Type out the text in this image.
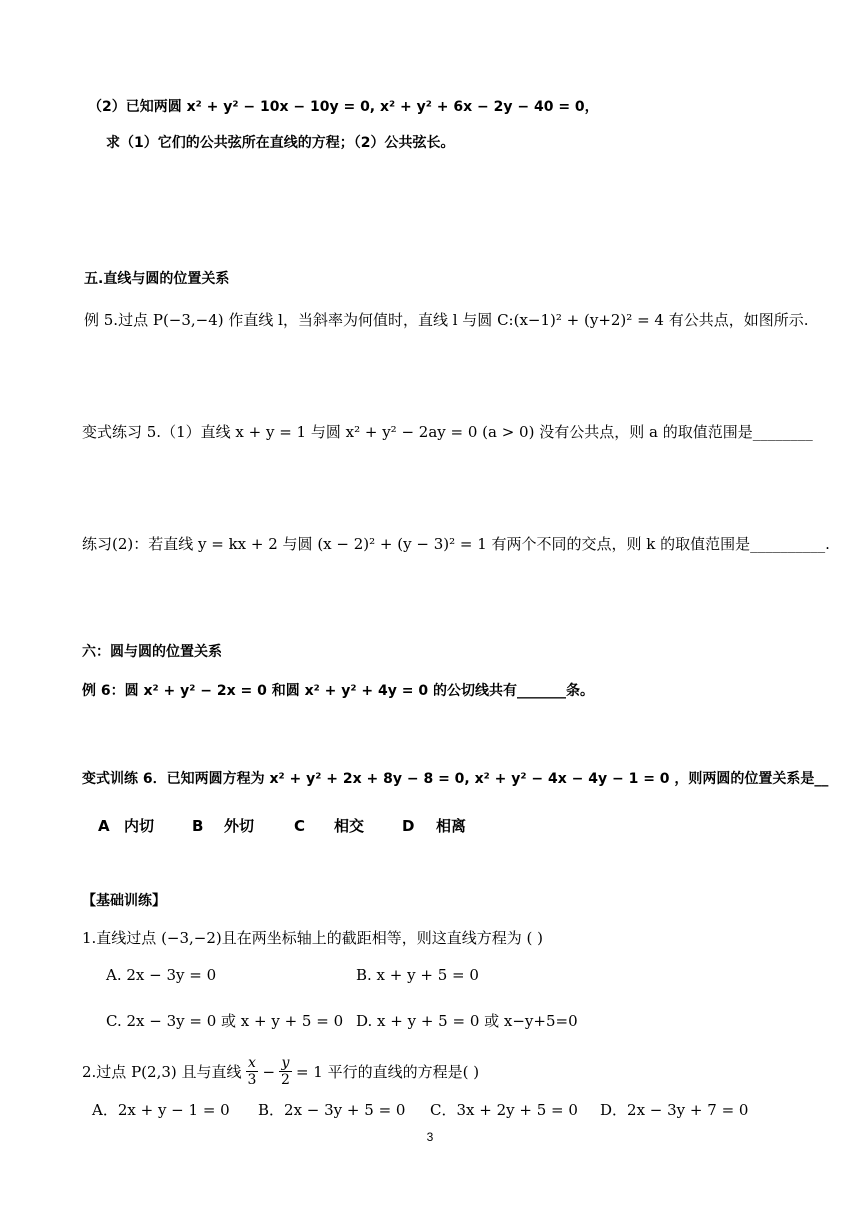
（2）已知两圆 x² + y² − 10x − 10y = 0, x² + y² + 6x − 2y − 40 = 0，
求（1）它们的公共弦所在直线的方程；（2）公共弦长。
五.直线与圆的位置关系
例 5.过点 P(−3,−4) 作直线 l，当斜率为何值时，直线 l 与圆 C:(x−1)² + (y+2)² = 4 有公共点，如图所示.
变式练习 5.（1）直线 x + y = 1 与圆 x² + y² − 2ay = 0 (a > 0) 没有公共点，则 a 的取值范围是________
练习(2)：若直线 y = kx + 2 与圆 (x − 2)² + (y − 3)² = 1 有两个不同的交点，则 k 的取值范围是__________.
六：圆与圆的位置关系
例 6：圆 x² + y² − 2x = 0 和圆 x² + y² + 4y = 0 的公切线共有_______条。
变式训练 6．已知两圆方程为 x² + y² + 2x + 8y − 8 = 0, x² + y² − 4x − 4y − 1 = 0 ，则两圆的位置关系是__
A 内切	B 外切	C 相交	D 相离
【基础训练】
1.直线过点 (−3,−2)且在两坐标轴上的截距相等，则这直线方程为 ( )
A. 2x − 3y = 0	B. x + y + 5 = 0
C. 2x − 3y = 0 或 x + y + 5 = 0 D. x + y + 5 = 0 或 x−y+5=0
2.过点 P(2,3) 且与直线 $\frac{x}{3} - \frac{y}{2} = 1$ 平行的直线的方程是( )
A．2x + y − 1 = 0 B．2x − 3y + 5 = 0 C．3x + 2y + 5 = 0 D．2x − 3y + 7 = 0
3
